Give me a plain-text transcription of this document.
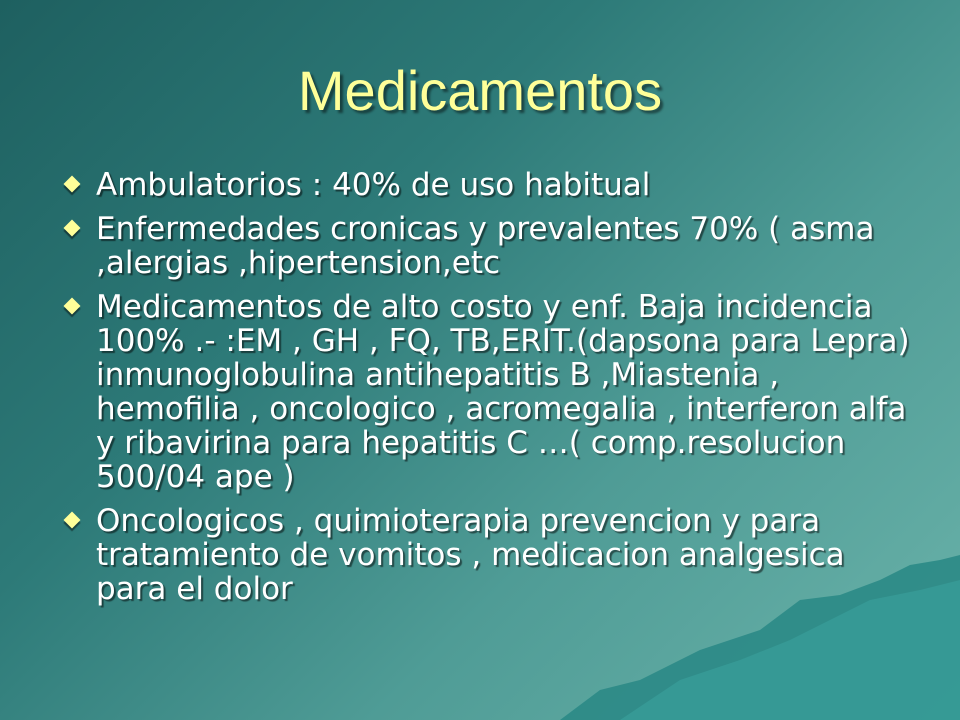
Medicamentos
Ambulatorios : 40% de uso habitual
Enfermedades cronicas y prevalentes 70% ( asma ,alergias ,hipertension,etc
Medicamentos de alto costo y enf. Baja incidencia 100% .- :EM , GH , FQ, TB,ERIT.(dapsona para Lepra) inmunoglobulina antihepatitis B ,Miastenia , hemofilia , oncologico , acromegalia , interferon alfa y ribavirina para hepatitis C …( comp.resolucion 500/04 ape )
Oncologicos , quimioterapia prevencion y para tratamiento de vomitos , medicacion analgesica para el dolor
